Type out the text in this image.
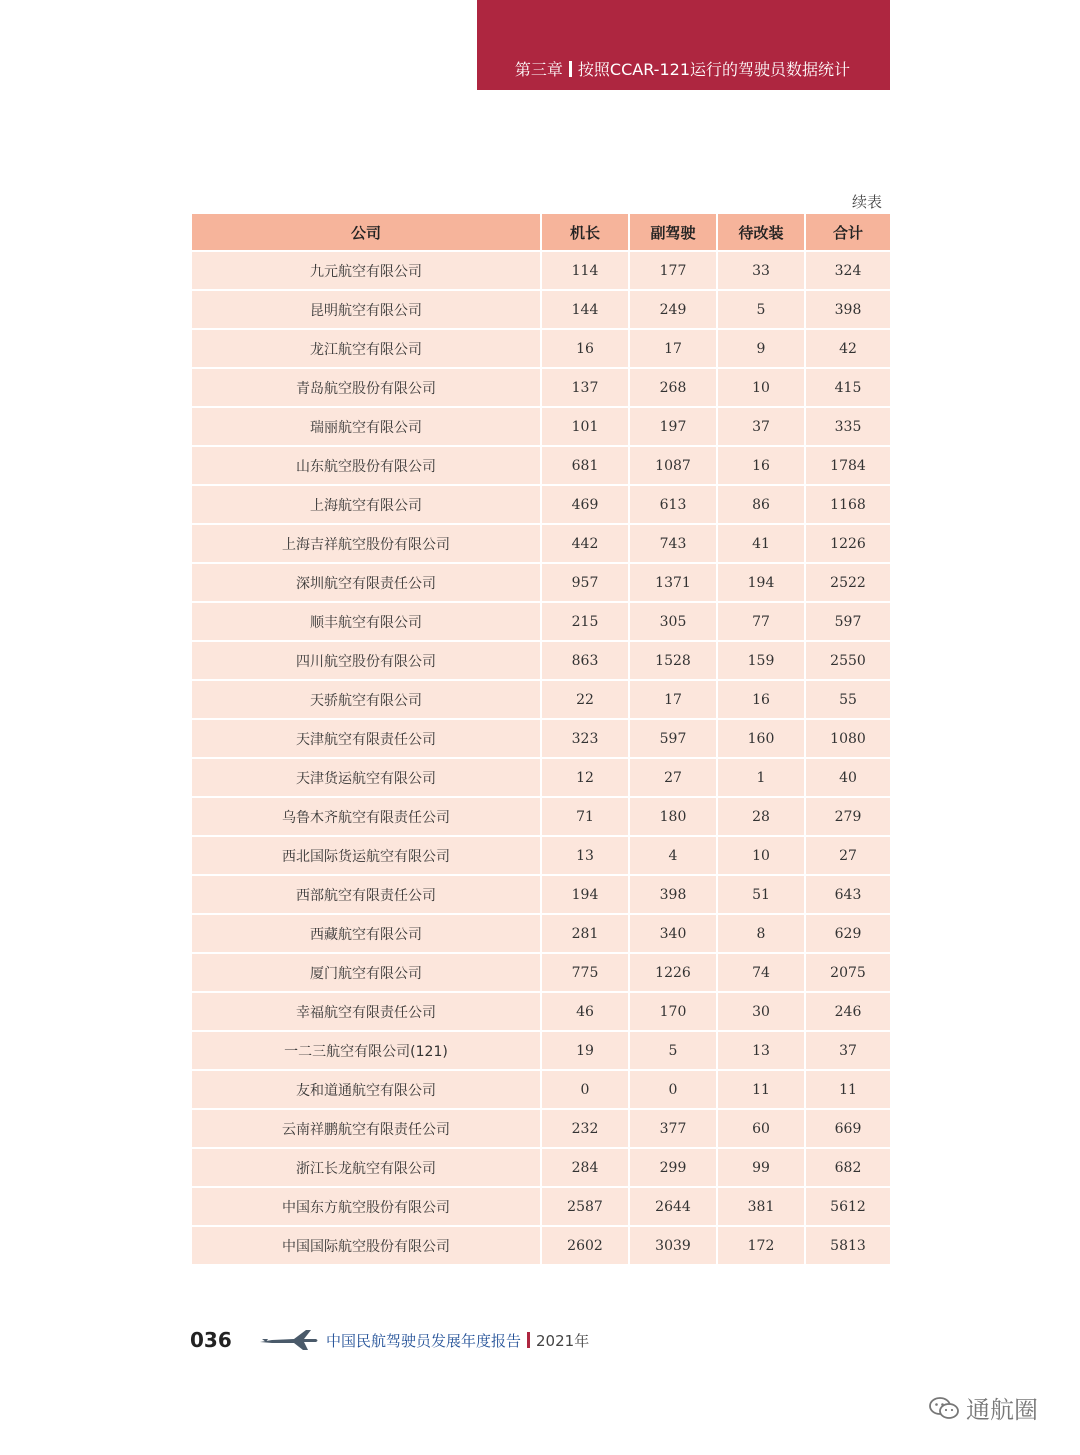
第三章 按照CCAR-121运行的驾驶员数据统计
续表
公司	机长	副驾驶	待改装	合计
九元航空有限公司	114	177	33	324
昆明航空有限公司	144	249	5	398
龙江航空有限公司	16	17	9	42
青岛航空股份有限公司	137	268	10	415
瑞丽航空有限公司	101	197	37	335
山东航空股份有限公司	681	1087	16	1784
上海航空有限公司	469	613	86	1168
上海吉祥航空股份有限公司	442	743	41	1226
深圳航空有限责任公司	957	1371	194	2522
顺丰航空有限公司	215	305	77	597
四川航空股份有限公司	863	1528	159	2550
天骄航空有限公司	22	17	16	55
天津航空有限责任公司	323	597	160	1080
天津货运航空有限公司	12	27	1	40
乌鲁木齐航空有限责任公司	71	180	28	279
西北国际货运航空有限公司	13	4	10	27
西部航空有限责任公司	194	398	51	643
西藏航空有限公司	281	340	8	629
厦门航空有限公司	775	1226	74	2075
幸福航空有限责任公司	46	170	30	246
一二三航空有限公司(121)	19	5	13	37
友和道通航空有限公司	0	0	11	11
云南祥鹏航空有限责任公司	232	377	60	669
浙江长龙航空有限公司	284	299	99	682
中国东方航空股份有限公司	2587	2644	381	5612
中国国际航空股份有限公司	2602	3039	172	5813
036	中国民航驾驶员发展年度报告 2021年
通航圈
